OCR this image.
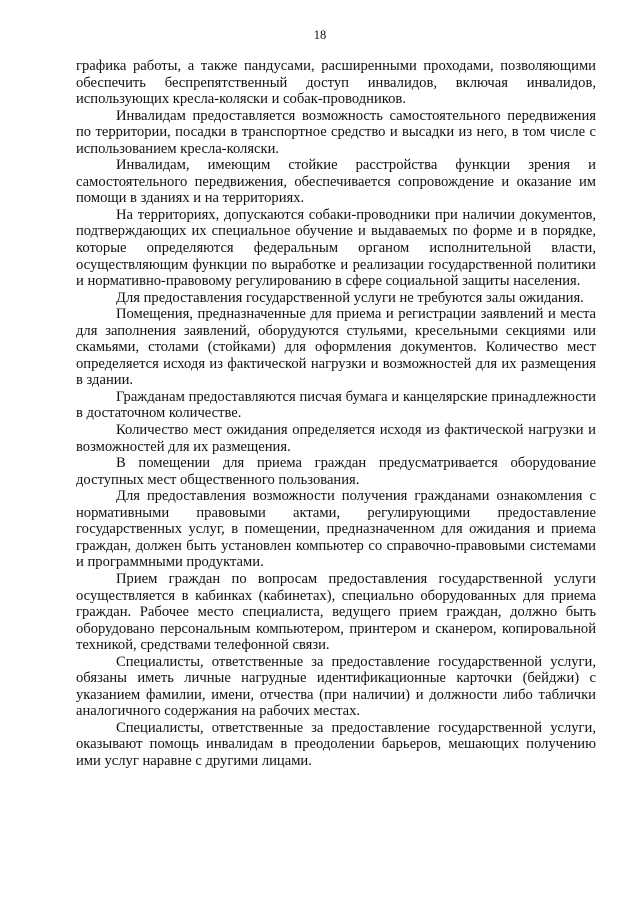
18

графика работы, а также пандусами, расширенными проходами, позволяющими обеспечить беспрепятственный доступ инвалидов, включая инвалидов, использующих кресла-коляски и собак-проводников.

Инвалидам предоставляется возможность самостоятельного передвижения по территории, посадки в транспортное средство и высадки из него, в том числе с использованием кресла-коляски.

Инвалидам, имеющим стойкие расстройства функции зрения и самостоятельного передвижения, обеспечивается сопровождение и оказание им помощи в зданиях и на территориях.

На территориях, допускаются собаки-проводники при наличии документов, подтверждающих их специальное обучение и выдаваемых по форме и в порядке, которые определяются федеральным органом исполнительной власти, осуществляющим функции по выработке и реализации государственной политики и нормативно-правовому регулированию в сфере социальной защиты населения.

Для предоставления государственной услуги не требуются залы ожидания.

Помещения, предназначенные для приема и регистрации заявлений и места для заполнения заявлений, оборудуются стульями, кресельными секциями или скамьями, столами (стойками) для оформления документов. Количество мест определяется исходя из фактической нагрузки и возможностей для их размещения в здании.

Гражданам предоставляются писчая бумага и канцелярские принадлежности в достаточном количестве.

Количество мест ожидания определяется исходя из фактической нагрузки и возможностей для их размещения.

В помещении для приема граждан предусматривается оборудование доступных мест общественного пользования.

Для предоставления возможности получения гражданами ознакомления с нормативными правовыми актами, регулирующими предоставление государственных услуг, в помещении, предназначенном для ожидания и приема граждан, должен быть установлен компьютер со справочно-правовыми системами и программными продуктами.

Прием граждан по вопросам предоставления государственной услуги осуществляется в кабинках (кабинетах), специально оборудованных для приема граждан. Рабочее место специалиста, ведущего прием граждан, должно быть оборудовано персональным компьютером, принтером и сканером, копировальной техникой, средствами телефонной связи.

Специалисты, ответственные за предоставление государственной услуги, обязаны иметь личные нагрудные идентификационные карточки (бейджи) с указанием фамилии, имени, отчества (при наличии) и должности либо таблички аналогичного содержания на рабочих местах.

Специалисты, ответственные за предоставление государственной услуги, оказывают помощь инвалидам в преодолении барьеров, мешающих получению ими услуг наравне с другими лицами.
